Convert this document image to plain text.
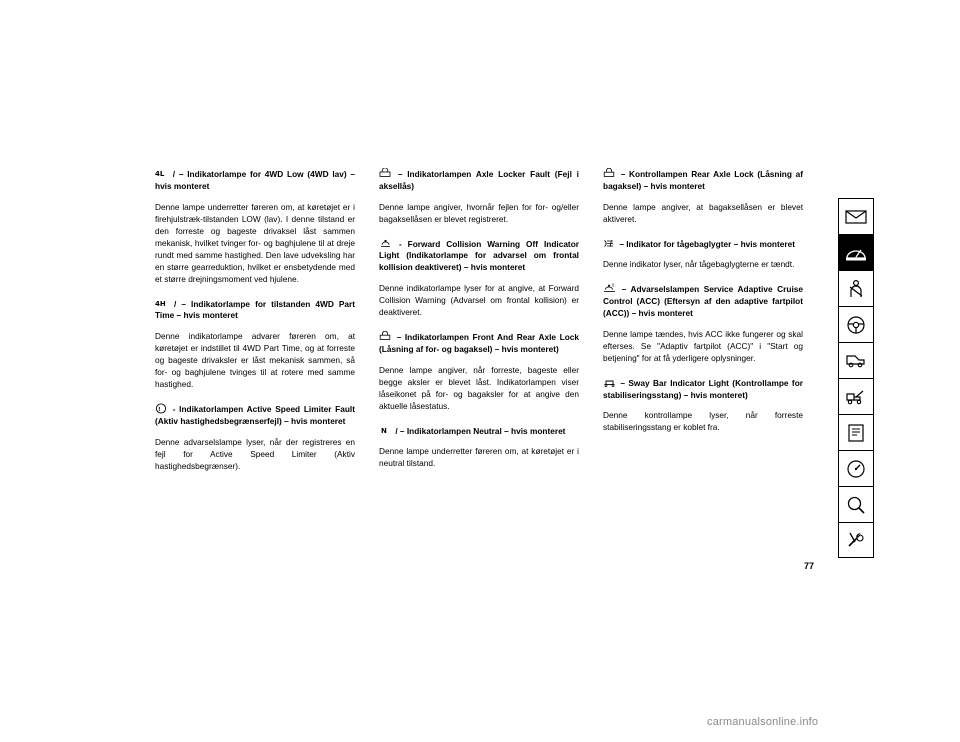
4L / – Indikatorlampe for 4WD Low (4WD lav) – hvis monteret

Denne lampe underretter føreren om, at køretøjet er i firehjulstræk-tilstanden LOW (lav). I denne tilstand er den forreste og bageste drivaksel låst sammen mekanisk, hvilket tvinger for- og baghjulene til at dreje rundt med samme hastighed. Den lave udveksling har en større gearreduktion, hvilket er ensbetydende med et større drejningsmoment ved hjulene.

4H / – Indikatorlampe for tilstanden 4WD Part Time – hvis monteret

Denne indikatorlampe advarer føreren om, at køretøjet er indstillet til 4WD Part Time, og at forreste og bageste drivaksler er låst mekanisk sammen, så for- og baghjulene tvinges til at rotere med samme hastighed.

! - Indikatorlampen Active Speed Limiter Fault (Aktiv hastighedsbegrænserfejl) – hvis monteret

Denne advarselslampe lyser, når der registreres en fejl for Active Speed Limiter (Aktiv hastighedsbegrænser).

– Indikatorlampen Axle Locker Fault (Fejl i aksellås)

Denne lampe angiver, hvornår fejlen for for- og/eller bagaksellåsen er blevet registreret.

- Forward Collision Warning Off Indicator Light (Indikatorlampe for advarsel om frontal kollision deaktiveret) – hvis monteret

Denne indikatorlampe lyser for at angive, at Forward Collision Warning (Advarsel om frontal kollision) er deaktiveret.

– Indikatorlampen Front And Rear Axle Lock (Låsning af for- og bagaksel) – hvis monteret)

Denne lampe angiver, når forreste, bageste eller begge aksler er blevet låst. Indikatorlampen viser låseikonet på for- og bagaksler for at angive den aktuelle låsestatus.

N / – Indikatorlampen Neutral – hvis monteret

Denne lampe underretter føreren om, at køretøjet er i neutral tilstand.

– Kontrollampen Rear Axle Lock (Låsning af bagaksel) – hvis monteret

Denne lampe angiver, at bagaksellåsen er blevet aktiveret.

– Indikator for tågebaglygter – hvis monteret

Denne indikator lyser, når tågebaglygterne er tændt.

! – Advarselslampen Service Adaptive Cruise Control (ACC) (Eftersyn af den adaptive fartpilot (ACC)) – hvis monteret

Denne lampe tændes, hvis ACC ikke fungerer og skal efterses. Se "Adaptiv fartpilot (ACC)" i "Start og betjening" for at få yderligere oplysninger.

– Sway Bar Indicator Light (Kontrollampe for stabiliseringsstang) – hvis monteret)

Denne kontrollampe lyser, når forreste stabiliseringsstang er koblet fra.

77
carmanualsonline.info
